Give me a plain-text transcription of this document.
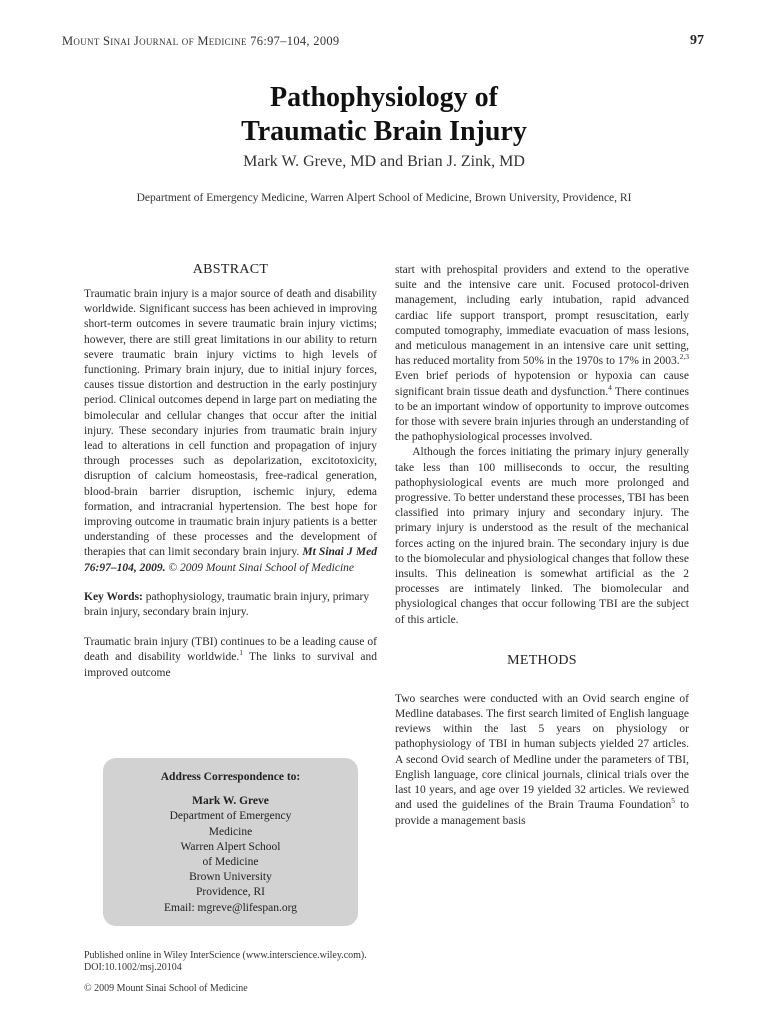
Mount Sinai Journal of Medicine 76:97–104, 2009	97
Pathophysiology of
Traumatic Brain Injury
Mark W. Greve, MD and Brian J. Zink, MD
Department of Emergency Medicine, Warren Alpert School of Medicine, Brown University, Providence, RI
ABSTRACT

Traumatic brain injury is a major source of death and disability worldwide. Significant success has been achieved in improving short-term outcomes in severe traumatic brain injury victims; however, there are still great limitations in our ability to return severe traumatic brain injury victims to high levels of functioning. Primary brain injury, due to initial injury forces, causes tissue distortion and destruction in the early postinjury period. Clinical outcomes depend in large part on mediating the bimolecular and cellular changes that occur after the initial injury. These secondary injuries from traumatic brain injury lead to alterations in cell function and propagation of injury through processes such as depolarization, excitotoxicity, disruption of calcium homeostasis, free-radical generation, blood-brain barrier disruption, ischemic injury, edema formation, and intracranial hypertension. The best hope for improving outcome in traumatic brain injury patients is a better understanding of these processes and the development of therapies that can limit secondary brain injury. Mt Sinai J Med 76:97–104, 2009. © 2009 Mount Sinai School of Medicine

Key Words: pathophysiology, traumatic brain injury, primary brain injury, secondary brain injury.

Traumatic brain injury (TBI) continues to be a leading cause of death and disability worldwide.$^1$ The links to survival and improved outcome

start with prehospital providers and extend to the operative suite and the intensive care unit. Focused protocol-driven management, including early intubation, rapid advanced cardiac life support transport, prompt resuscitation, early computed tomography, immediate evacuation of mass lesions, and meticulous management in an intensive care unit setting, has reduced mortality from 50% in the 1970s to 17% in 2003.$^{2,3}$ Even brief periods of hypotension or hypoxia can cause significant brain tissue death and dysfunction.$^4$ There continues to be an important window of opportunity to improve outcomes for those with severe brain injuries through an understanding of the pathophysiological processes involved.

Although the forces initiating the primary injury generally take less than 100 milliseconds to occur, the resulting pathophysiological events are much more prolonged and progressive. To better understand these processes, TBI has been classified into primary injury and secondary injury. The primary injury is understood as the result of the mechanical forces acting on the injured brain. The secondary injury is due to the biomolecular and physiological changes that follow these insults. This delineation is somewhat artificial as the 2 processes are intimately linked. The biomolecular and physiological changes that occur following TBI are the subject of this article.

METHODS

Two searches were conducted with an Ovid search engine of Medline databases. The first search limited of English language reviews within the last 5 years on physiology or pathophysiology of TBI in human subjects yielded 27 articles. A second Ovid search of Medline under the parameters of TBI, English language, core clinical journals, clinical trials over the last 10 years, and age over 19 yielded 32 articles. We reviewed and used the guidelines of the Brain Trauma Foundation$^5$ to provide a management basis

Address Correspondence to:
Mark W. Greve
Department of Emergency
Medicine
Warren Alpert School
of Medicine
Brown University
Providence, RI
Email: mgreve@lifespan.org
Published online in Wiley InterScience (www.interscience.wiley.com).
DOI:10.1002/msj.20104
© 2009 Mount Sinai School of Medicine
